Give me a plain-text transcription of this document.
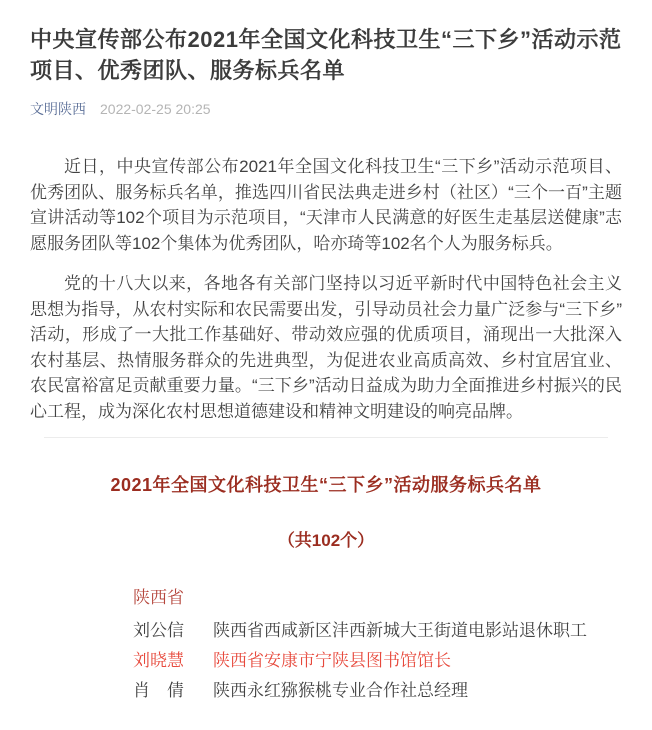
中央宣传部公布2021年全国文化科技卫生“三下乡”活动示范项目、优秀团队、服务标兵名单
文明陕西 2022-02-25 20:25

近日，中央宣传部公布2021年全国文化科技卫生“三下乡”活动示范项目、优秀团队、服务标兵名单，推选四川省民法典走进乡村（社区）“三个一百”主题宣讲活动等102个项目为示范项目，“天津市人民满意的好医生走基层送健康”志愿服务团队等102个集体为优秀团队，哈亦琦等102名个人为服务标兵。

党的十八大以来，各地各有关部门坚持以习近平新时代中国特色社会主义思想为指导，从农村实际和农民需要出发，引导动员社会力量广泛参与“三下乡”活动，形成了一大批工作基础好、带动效应强的优质项目，涌现出一大批深入农村基层、热情服务群众的先进典型，为促进农业高质高效、乡村宜居宜业、农民富裕富足贡献重要力量。“三下乡”活动日益成为助力全面推进乡村振兴的民心工程，成为深化农村思想道德建设和精神文明建设的响亮品牌。

2021年全国文化科技卫生“三下乡”活动服务标兵名单
（共102个）
陕西省
刘公信	陕西省西咸新区沣西新城大王街道电影站退休职工
刘晓慧	陕西省安康市宁陕县图书馆馆长
肖　倩	陕西永红猕猴桃专业合作社总经理
